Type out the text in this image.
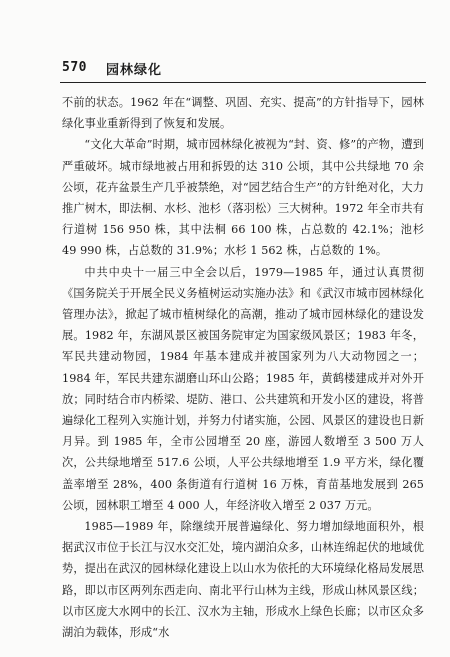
570 园林绿化

不前的状态。1962 年在“调整、巩固、充实、提高”的方针指导下，园林绿化事业重新得到了恢复和发展。

“文化大革命”时期，城市园林绿化被视为“封、资、修”的产物，遭到严重破坏。城市绿地被占用和拆毁的达 310 公顷，其中公共绿地 70 余公顷，花卉盆景生产几乎被禁绝，对“园艺结合生产”的方针绝对化，大力推广树木，即法桐、水杉、池杉（落羽松）三大树种。1972 年全市共有行道树 156 950 株，其中法桐 66 100 株，占总数的 42.1%；池杉 49 990 株，占总数的 31.9%；水杉 1 562 株，占总数的 1%。

中共中央十一届三中全会以后，1979—1985 年，通过认真贯彻《国务院关于开展全民义务植树运动实施办法》和《武汉市城市园林绿化管理办法》，掀起了城市植树绿化的高潮，推动了城市园林绿化的建设发展。1982 年，东湖风景区被国务院审定为国家级风景区；1983 年冬，军民共建动物园，1984 年基本建成并被国家列为八大动物园之一；1984 年，军民共建东湖磨山环山公路；1985 年，黄鹤楼建成并对外开放；同时结合市内桥梁、堤防、港口、公共建筑和开发小区的建设，将普遍绿化工程列入实施计划，并努力付诸实施，公园、风景区的建设也日新月异。到 1985 年，全市公园增至 20 座，游园人数增至 3 500 万人次，公共绿地增至 517.6 公顷，人平公共绿地增至 1.9 平方米，绿化覆盖率增至 28%，400 条街道有行道树 16 万株，育苗基地发展到 265 公顷，园林职工增至 4 000 人，年经济收入增至 2 037 万元。

1985—1989 年，除继续开展普遍绿化、努力增加绿地面积外，根据武汉市位于长江与汉水交汇处，境内湖泊众多，山林连绵起伏的地域优势，提出在武汉的园林绿化建设上以山水为依托的大环境绿化格局发展思路，即以市区两列东西走向、南北平行山林为主线，形成山林风景区线；以市区庞大水网中的长江、汉水为主轴，形成水上绿色长廊；以市区众多湖泊为载体，形成“水
